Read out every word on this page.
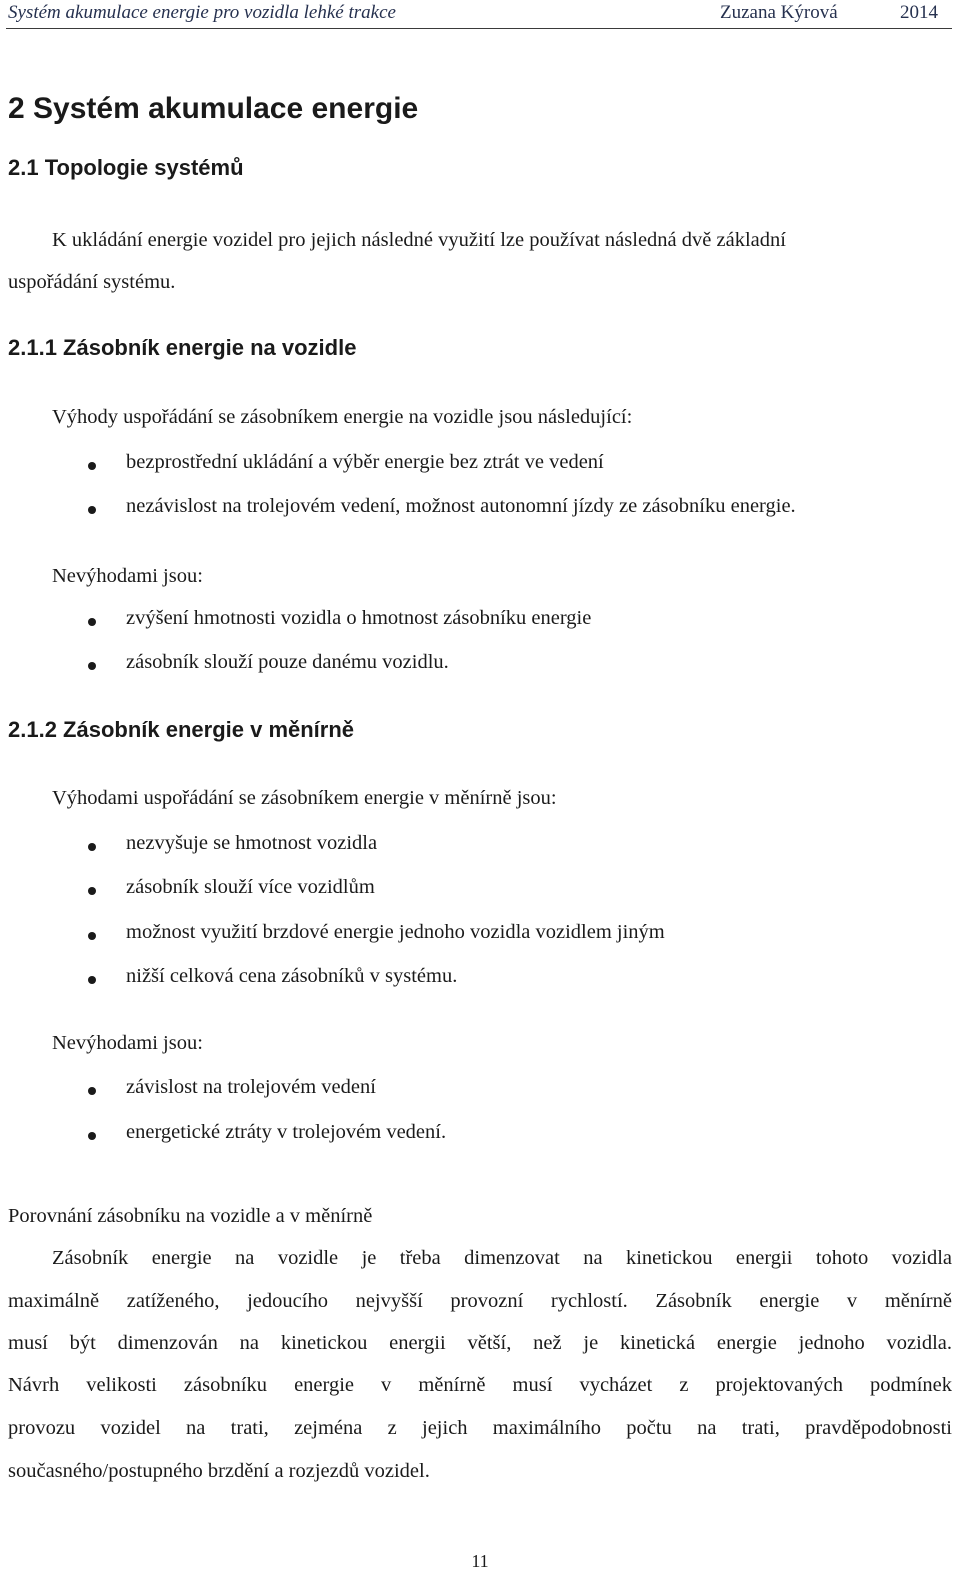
Systém akumulace energie pro vozidla lehké trakce	Zuzana Kýrová	2014

2 Systém akumulace energie
2.1 Topologie systémů

K ukládání energie vozidel pro jejich následné využití lze používat následná dvě základní

uspořádání systému.

2.1.1 Zásobník energie na vozidle

Výhody uspořádání se zásobníkem energie na vozidle jsou následující:

bezprostřední ukládání a výběr energie bez ztrát ve vedení

nezávislost na trolejovém vedení, možnost autonomní jízdy ze zásobníku energie.

Nevýhodami jsou:

zvýšení hmotnosti vozidla o hmotnost zásobníku energie

zásobník slouží pouze danému vozidlu.

2.1.2 Zásobník energie v měnírně

Výhodami uspořádání se zásobníkem energie v měnírně jsou:

nezvyšuje se hmotnost vozidla

zásobník slouží více vozidlům

možnost využití brzdové energie jednoho vozidla vozidlem jiným

nižší celková cena zásobníků v systému.

Nevýhodami jsou:

závislost na trolejovém vedení

energetické ztráty v trolejovém vedení.

Porovnání zásobníku na vozidle a v měnírně

Zásobník energie na vozidle je třeba dimenzovat na kinetickou energii tohoto vozidla

maximálně zatíženého, jedoucího nejvyšší provozní rychlostí. Zásobník energie v měnírně

musí být dimenzován na kinetickou energii větší, než je kinetická energie jednoho vozidla.

Návrh velikosti zásobníku energie v měnírně musí vycházet z projektovaných podmínek

provozu vozidel na trati, zejména z jejich maximálního počtu na trati, pravděpodobnosti

současného/postupného brzdění a rozjezdů vozidel.

11
